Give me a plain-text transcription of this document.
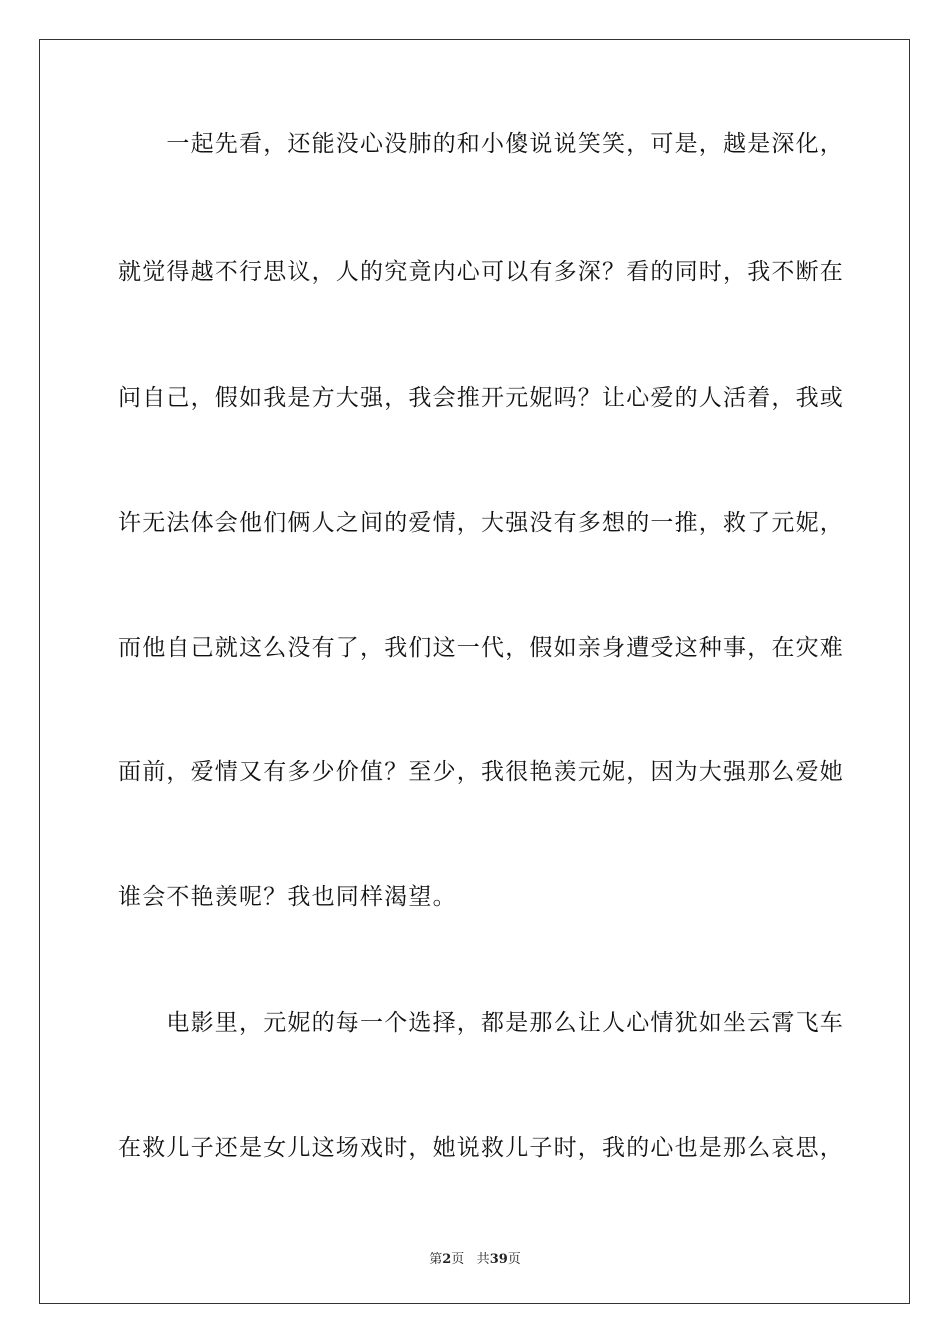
　　一起先看，还能没心没肺的和小傻说说笑笑，可是，越是深化，
就觉得越不行思议，人的究竟内心可以有多深？看的同时，我不断在
问自己，假如我是方大强，我会推开元妮吗？让心爱的人活着，我或
许无法体会他们俩人之间的爱情，大强没有多想的一推，救了元妮，
而他自己就这么没有了，我们这一代，假如亲身遭受这种事，在灾难
面前，爱情又有多少价值？至少，我很艳羡元妮，因为大强那么爱她
谁会不艳羡呢？我也同样渴望。
　　电影里，元妮的每一个选择，都是那么让人心情犹如坐云霄飞车
在救儿子还是女儿这场戏时，她说救儿子时，我的心也是那么哀思，
第2页 共39页
